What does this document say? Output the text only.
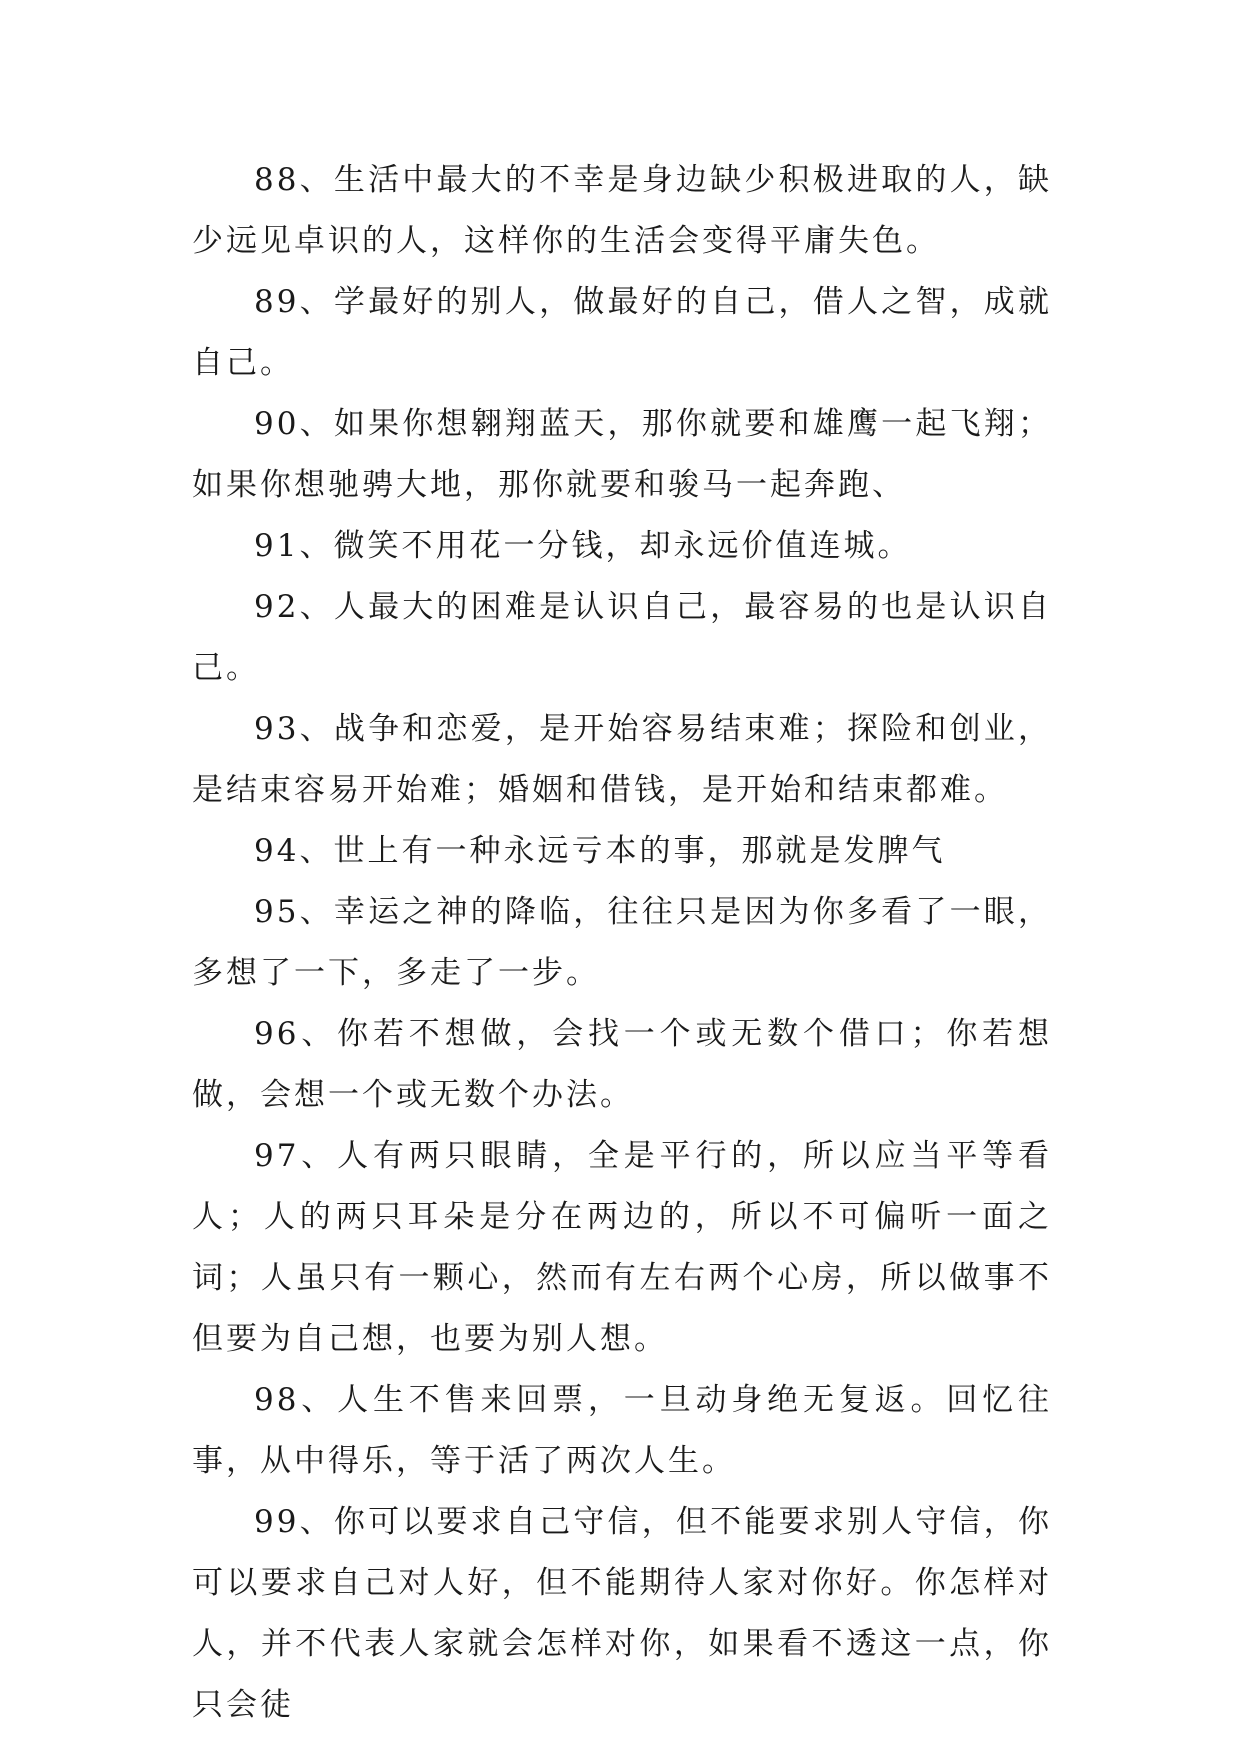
88、生活中最大的不幸是身边缺少积极进取的人，缺少远见卓识的人，这样你的生活会变得平庸失色。

89、学最好的别人，做最好的自己，借人之智，成就自己。

90、如果你想翱翔蓝天，那你就要和雄鹰一起飞翔；如果你想驰骋大地，那你就要和骏马一起奔跑、

91、微笑不用花一分钱，却永远价值连城。

92、人最大的困难是认识自己，最容易的也是认识自己。

93、战争和恋爱，是开始容易结束难；探险和创业，是结束容易开始难；婚姻和借钱，是开始和结束都难。

94、世上有一种永远亏本的事，那就是发脾气

95、幸运之神的降临，往往只是因为你多看了一眼，多想了一下，多走了一步。

96、你若不想做，会找一个或无数个借口；你若想做，会想一个或无数个办法。

97、人有两只眼睛，全是平行的，所以应当平等看人；人的两只耳朵是分在两边的，所以不可偏听一面之词；人虽只有一颗心，然而有左右两个心房，所以做事不但要为自己想，也要为别人想。

98、人生不售来回票，一旦动身绝无复返。回忆往事，从中得乐，等于活了两次人生。

99、你可以要求自己守信，但不能要求别人守信，你可以要求自己对人好，但不能期待人家对你好。你怎样对人，并不代表人家就会怎样对你，如果看不透这一点，你只会徒
